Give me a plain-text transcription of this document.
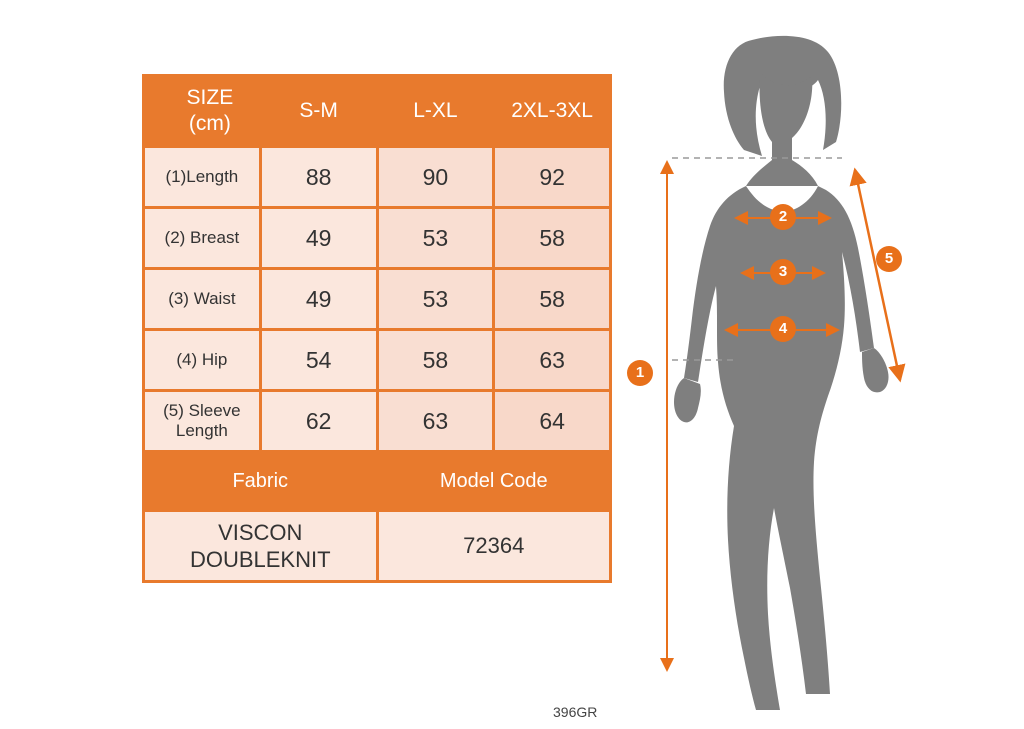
SIZE
(cm)	S-M	L-XL	2XL-3XL
(1)Length	88	90	92
(2) Breast	49	53	58
(3) Waist	49	53	58
(4) Hip	54	58	63
(5) Sleeve Length	62	63	64
Fabric		Model Code	
VISCON DOUBLEKNIT		72364	
396GR
1
2
3
4
5
